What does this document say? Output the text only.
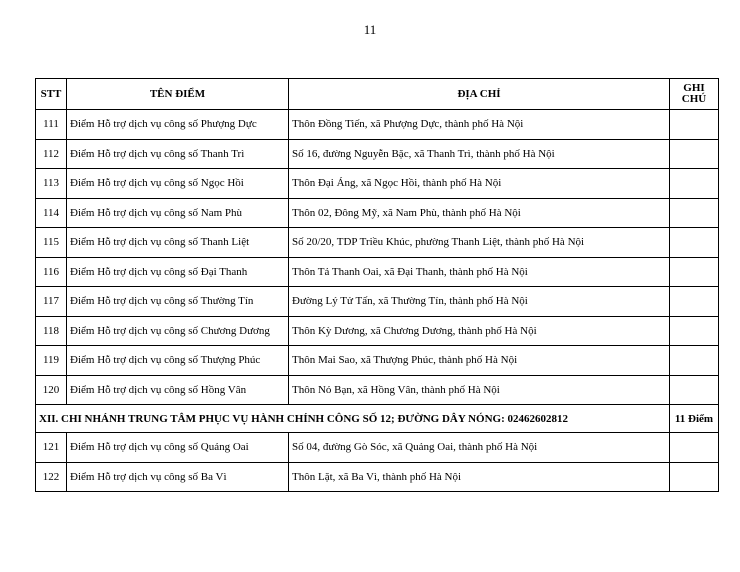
11
STT	TÊN ĐIỂM	ĐỊA CHỈ	GHI
CHÚ
111	Điểm Hỗ trợ dịch vụ công số Phượng Dực	Thôn Đồng Tiến, xã Phượng Dực, thành phố Hà Nội	
112	Điểm Hỗ trợ dịch vụ công số Thanh Trì	Số 16, đường Nguyễn Bặc, xã Thanh Trì, thành phố Hà Nội	
113	Điểm Hỗ trợ dịch vụ công số Ngọc Hồi	Thôn Đại Áng, xã Ngọc Hồi, thành phố Hà Nội	
114	Điểm Hỗ trợ dịch vụ công số Nam Phù	Thôn 02, Đông Mỹ, xã Nam Phù, thành phố Hà Nội	
115	Điểm Hỗ trợ dịch vụ công số Thanh Liệt	Số 20/20, TDP Triều Khúc, phường Thanh Liệt, thành phố Hà Nội	
116	Điểm Hỗ trợ dịch vụ công số Đại Thanh	Thôn Tả Thanh Oai, xã Đại Thanh, thành phố Hà Nội	
117	Điểm Hỗ trợ dịch vụ công số Thường Tín	Đường Lý Tử Tấn, xã Thường Tín, thành phố Hà Nội	
118	Điểm Hỗ trợ dịch vụ công số Chương Dương	Thôn Kỳ Dương, xã Chương Dương, thành phố Hà Nội	
119	Điểm Hỗ trợ dịch vụ công số Thượng Phúc	Thôn Mai Sao, xã Thượng Phúc, thành phố Hà Nội	
120	Điểm Hỗ trợ dịch vụ công số Hồng Vân	Thôn Nỏ Bạn, xã Hồng Vân, thành phố Hà Nội	
XII. CHI NHÁNH TRUNG TÂM PHỤC VỤ HÀNH CHÍNH CÔNG SỐ 12; ĐƯỜNG DÂY NÓNG: 02462602812			11 Điểm
121	Điểm Hỗ trợ dịch vụ công số Quảng Oai	Số 04, đường Gò Sóc, xã Quảng Oai, thành phố Hà Nội	
122	Điểm Hỗ trợ dịch vụ công số Ba Vì	Thôn Lặt, xã Ba Vì, thành phố Hà Nội	
